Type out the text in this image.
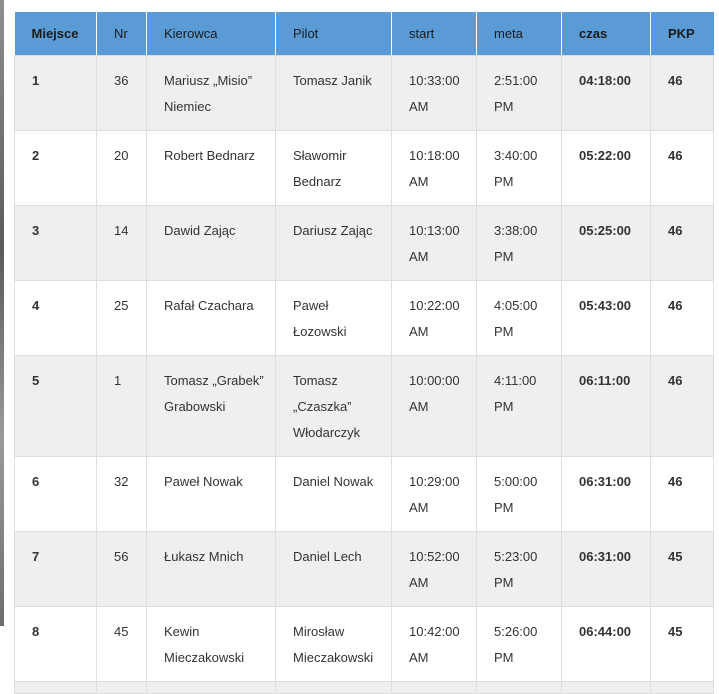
Miejsce	Nr	Kierowca	Pilot	start	meta	czas	PKP
1	36	Mariusz „Misio” Niemiec	Tomasz Janik	10:33:00 AM	2:51:00 PM	04:18:00	46
2	20	Robert Bednarz	Sławomir Bednarz	10:18:00 AM	3:40:00 PM	05:22:00	46
3	14	Dawid Zając	Dariusz Zając	10:13:00 AM	3:38:00 PM	05:25:00	46
4	25	Rafał Czachara	Paweł Łozowski	10:22:00 AM	4:05:00 PM	05:43:00	46
5	1	Tomasz „Grabek” Grabowski	Tomasz „Czaszka” Włodarczyk	10:00:00 AM	4:11:00 PM	06:11:00	46
6	32	Paweł Nowak	Daniel Nowak	10:29:00 AM	5:00:00 PM	06:31:00	46
7	56	Łukasz Mnich	Daniel Lech	10:52:00 AM	5:23:00 PM	06:31:00	45
8	45	Kewin Mieczakowski	Mirosław Mieczakowski	10:42:00 AM	5:26:00 PM	06:44:00	45
